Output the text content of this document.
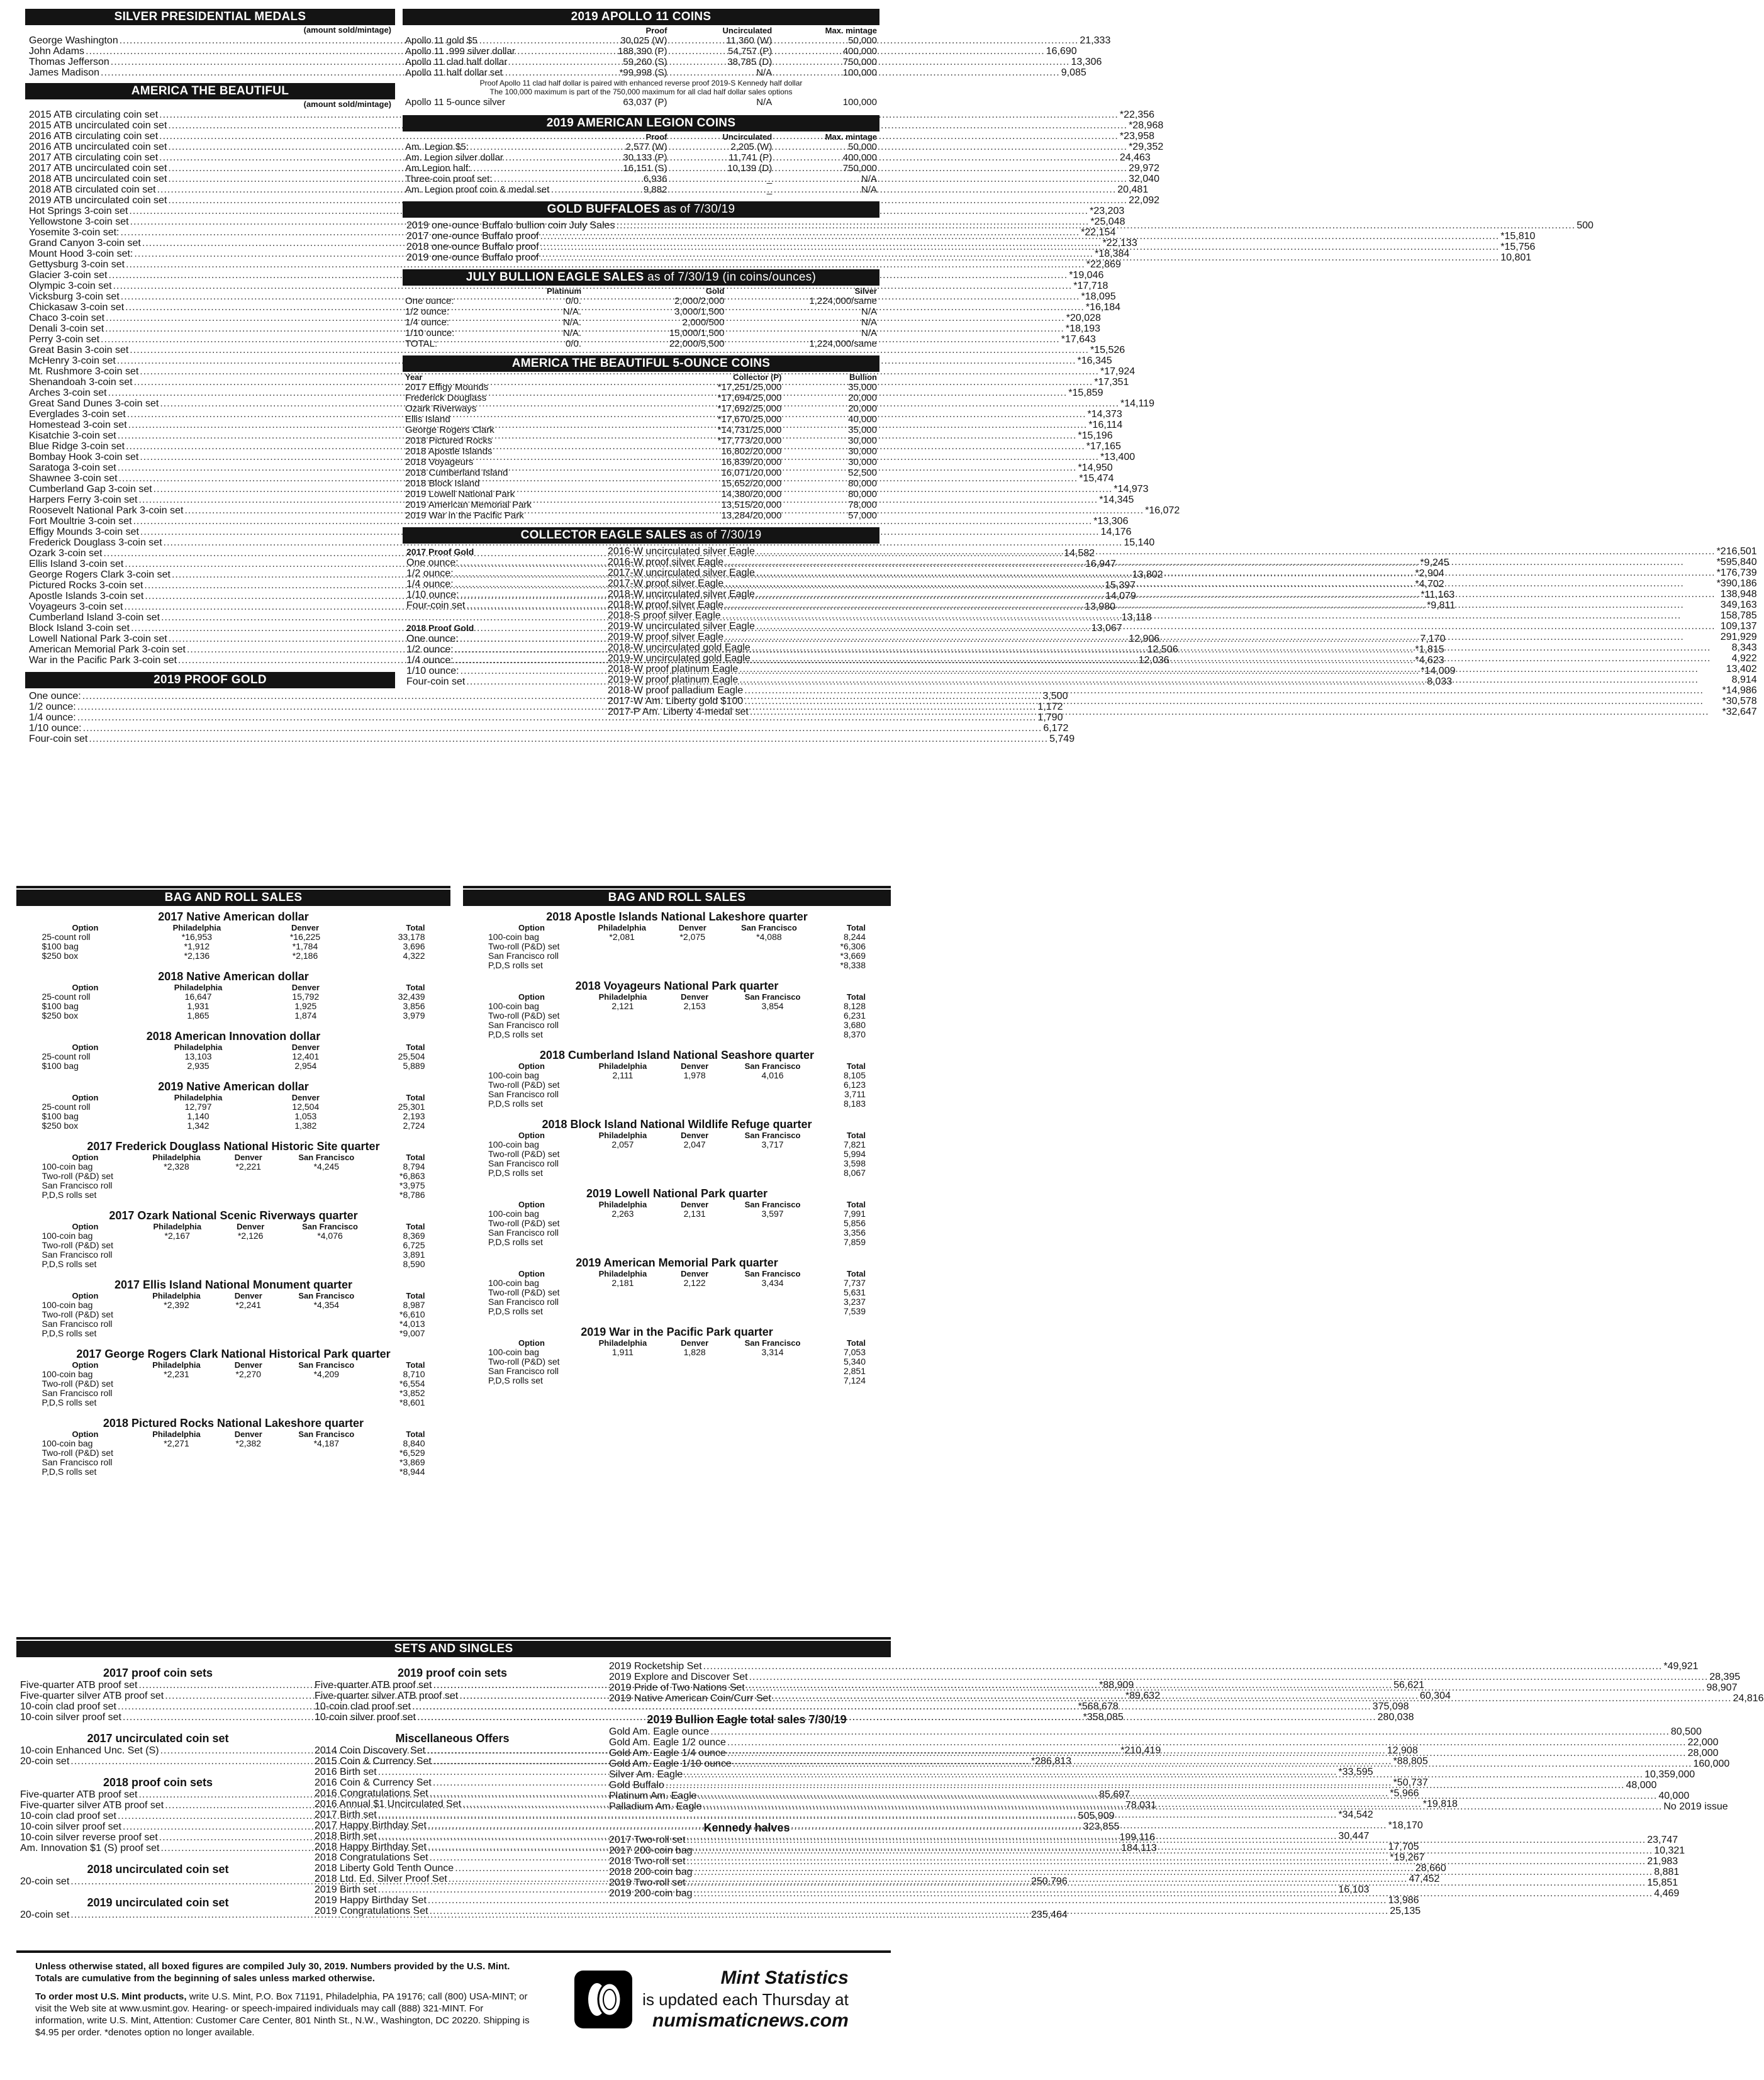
SILVER PRESIDENTIAL MEDALS
(amount sold/mintage)
George Washington .....	21,333
John Adams .....	16,690
Thomas Jefferson .....	13,306
James Madison .....	9,085
AMERICA THE BEAUTIFUL
(amount sold/mintage)
2015 ATB circulating coin set .....	*22,356
2015 ATB uncirculated coin set .....	*28,968
2016 ATB circulating coin set .....	*23,958
2016 ATB uncirculated coin set .....	*29,352
2017 ATB circulating coin set .....	24,463
2017 ATB uncirculated coin set .....	29,972
2018 ATB uncirculated coin set .....	32,040
2018 ATB circulated coin set .....	20,481
2019 ATB uncirculated coin set .....	22,092
Hot Springs 3-coin set .....	*23,203
Yellowstone 3-coin set .....	*25,048
Yosemite 3-coin set: .....	*22,154
Grand Canyon 3-coin set .....	*22,133
Mount Hood 3-coin set: .....	*18,384
Gettysburg 3-coin set .....	*22,869
Glacier 3-coin set .....	*19,046
Olympic 3-coin set .....	*17,718
Vicksburg 3-coin set .....	*18,095
Chickasaw 3-coin set .....	*16,184
Chaco 3-coin set .....	*20,028
Denali 3-coin set .....	*18,193
Perry 3-coin set .....	*17,643
Great Basin 3-coin set .....	*15,526
McHenry 3-coin set .....	*16,345
Mt. Rushmore 3-coin set .....	*17,924
Shenandoah 3-coin set .....	*17,351
Arches 3-coin set .....	*15,859
Great Sand Dunes 3-coin set .....	*14,119
Everglades 3-coin set .....	*14,373
Homestead 3-coin set .....	*16,114
Kisatchie 3-coin set .....	*15,196
Blue Ridge 3-coin set .....	*17,165
Bombay Hook 3-coin set .....	*13,400
Saratoga 3-coin set .....	*14,950
Shawnee 3-coin set .....	*15,474
Cumberland Gap 3-coin set .....	*14,973
Harpers Ferry 3-coin set .....	*14,345
Roosevelt National Park 3-coin set .....	*16,072
Fort Moultrie 3-coin set .....	*13,306
Effigy Mounds 3-coin set .....	14,176
Frederick Douglass 3-coin set .....	15,140
Ozark 3-coin set .....	14,582
Ellis Island 3-coin set .....	16,947
George Rogers Clark 3-coin set .....	13,802
Pictured Rocks 3-coin set .....	15,397
Apostle Islands 3-coin set .....	14,079
Voyageurs 3-coin set .....	13,980
Cumberland Island 3-coin set .....	13,118
Block Island 3-coin set .....	13,067
Lowell National Park 3-coin set .....	12,906
American Memorial Park 3-coin set .....	12,506
War in the Pacific Park 3-coin set .....	12,036
2019 PROOF GOLD
One ounce: .....	3,500
1/2 ounce: .....	1,172
1/4 ounce: .....	1,790
1/10 ounce: .....	6,172
Four-coin set .....	5,749
2019 APOLLO 11 COINS
	Proof	Uncirculated	Max. mintage
Apollo 11 gold $5	30,025 (W)	11,360 (W)	50,000
Apollo 11 .999 silver dollar	188,390 (P)	54,757 (P)	400,000
Apollo 11 clad half dollar	59,260 (S)	38,785 (D)	750,000
Apollo 11 half dollar set	*99,998 (S)	N/A	100,000
Proof Apollo 11 clad half dollar is paired with enhanced reverse proof 2019-S Kennedy half dollar
The 100,000 maximum is part of the 750,000 maximum for all clad half dollar sales options
Apollo 11 5-ounce silver	63,037 (P)	N/A	100,000
2019 AMERICAN LEGION COINS
	Proof	Uncirculated	Max. mintage
Am. Legion $5:	2,577 (W)	2,205 (W)	50,000
Am. Legion silver dollar	30,133 (P)	11,741 (P)	400,000
Am.Legion half:	16,151 (S)	10,139 (D)	750,000
Three-coin proof set:	6,936	_	N/A
Am. Legion proof coin & medal set	9,882	_	N/A
GOLD BUFFALOES as of 7/30/19
2019 one-ounce Buffalo bullion coin July Sales .....	500
2017 one-ounce Buffalo proof .....	*15,810
2018 one-ounce Buffalo proof .....	*15,756
2019 one-ounce Buffalo proof .....	10,801
JULY BULLION EAGLE SALES as of 7/30/19 (in coins/ounces)
	Platinum	Gold	Silver
One ounce:	0/0.	2,000/2,000	1,224,000/same
1/2 ounce:	N/A.	3,000/1,500	N/A
1/4 ounce:	N/A.	2,000/500	N/A
1/10 ounce:	N/A.	15,000/1,500	N/A
TOTAL:	0/0.	22,000/5,500	1,224,000/same
AMERICA THE BEAUTIFUL 5-OUNCE COINS
Year	Collector (P)	Bullion
2017 Effigy Mounds	*17,251/25,000	35,000
Frederick Douglass	*17,694/25,000	20,000
Ozark Riverways	*17,692/25,000	20,000
Ellis Island	*17,670/25,000	40,000
George Rogers Clark	*14,731/25,000	35,000
2018 Pictured Rocks	*17,773/20,000	30,000
2018 Apostle Islands	16,802/20,000	30,000
2018 Voyageurs	16,839/20,000	30,000
2018 Cumberland Island	16,071/20,000	52,500
2018 Block Island	15,652/20,000	80,000
2019 Lowell National Park	14,380/20,000	80,000
2019 American Memorial Park	13,515/20,000	78,000
2019 War in the Pacific Park	13,284/20,000	57,000
COLLECTOR EAGLE SALES as of 7/30/19
2017 Proof Gold
One ounce: .....	*9,245
1/2 ounce: .....	*2,904
1/4 ounce: .....	*4,702
1/10 ounce: .....	*11,163
Four-coin set .....	*9,811
2018 Proof Gold
One ounce: .....	7,170
1/2 ounce: .....	*1,815
1/4 ounce: .....	*4,623
1/10 ounce: .....	*14,009
Four-coin set .....	8,033
2016-W uncirculated silver Eagle .....	*216,501
2016-W proof silver Eagle .....	*595,840
2017-W uncirculated silver Eagle .....	*176,739
2017-W proof silver Eagle .....	*390,186
2018-W uncirculated silver Eagle .....	138,948
2018-W proof silver Eagle .....	349,163
2018-S proof silver Eagle .....	158,785
2019-W uncirculated silver Eagle .....	109,137
2019-W proof silver Eagle .....	291,929
2018-W uncirculated gold Eagle .....	8,343
2019-W uncirculated gold Eagle .....	4,922
2018-W proof platinum Eagle .....	13,402
2019-W proof platinum Eagle .....	8,914
2018-W proof palladium Eagle .....	*14,986
2017-W Am. Liberty gold $100 .....	*30,578
2017-P Am. Liberty 4-medal set .....	*32,647
BAG AND ROLL SALES
2017 Native American dollar
Option	Philadelphia	Denver	Total
25-count roll	*16,953	*16,225	33,178
$100 bag	*1,912	*1,784	3,696
$250 box	*2,136	*2,186	4,322
2018 Native American dollar
Option	Philadelphia	Denver	Total
25-count roll	16,647	15,792	32,439
$100 bag	1,931	1,925	3,856
$250 box	1,865	1,874	3,979
2018 American Innovation dollar
Option	Philadelphia	Denver	Total
25-count roll	13,103	12,401	25,504
$100 bag	2,935	2,954	5,889
2019 Native American dollar
Option	Philadelphia	Denver	Total
25-count roll	12,797	12,504	25,301
$100 bag	1,140	1,053	2,193
$250 box	1,342	1,382	2,724
2017 Frederick Douglass National Historic Site quarter
Option	Philadelphia	Denver	San Francisco	Total
100-coin bag	*2,328	*2,221	*4,245	8,794
Two-roll (P&D) set				*6,863
San Francisco roll				*3,975
P,D,S rolls set				*8,786
2017 Ozark National Scenic Riverways quarter
Option	Philadelphia	Denver	San Francisco	Total
100-coin bag	*2,167	*2,126	*4,076	8,369
Two-roll (P&D) set				6,725
San Francisco roll				3,891
P,D,S rolls set				8,590
2017 Ellis Island National Monument quarter
Option	Philadelphia	Denver	San Francisco	Total
100-coin bag	*2,392	*2,241	*4,354	8,987
Two-roll (P&D) set				*6,610
San Francisco roll				*4,013
P,D,S rolls set				*9,007
2017 George Rogers Clark National Historical Park quarter
Option	Philadelphia	Denver	San Francisco	Total
100-coin bag	*2,231	*2,270	*4,209	8,710
Two-roll (P&D) set				*6,554
San Francisco roll				*3,852
P,D,S rolls set				*8,601
2018 Pictured Rocks National Lakeshore quarter
Option	Philadelphia	Denver	San Francisco	Total
100-coin bag	*2,271	*2,382	*4,187	8,840
Two-roll (P&D) set				*6,529
San Francisco roll				*3,869
P,D,S rolls set				*8,944
BAG AND ROLL SALES
2018 Apostle Islands National Lakeshore quarter
Option	Philadelphia	Denver	San Francisco	Total
100-coin bag	*2,081	*2,075	*4,088	8,244
Two-roll (P&D) set				*6,306
San Francisco roll				*3,669
P,D,S rolls set				*8,338
2018 Voyageurs National Park quarter
Option	Philadelphia	Denver	San Francisco	Total
100-coin bag	2,121	2,153	3,854	8,128
Two-roll (P&D) set				6,231
San Francisco roll				3,680
P,D,S rolls set				8,370
2018 Cumberland Island National Seashore quarter
Option	Philadelphia	Denver	San Francisco	Total
100-coin bag	2,111	1,978	4,016	8,105
Two-roll (P&D) set				6,123
San Francisco roll				3,711
P,D,S rolls set				8,183
2018 Block Island National Wildlife Refuge quarter
Option	Philadelphia	Denver	San Francisco	Total
100-coin bag	2,057	2,047	3,717	7,821
Two-roll (P&D) set				5,994
San Francisco roll				3,598
P,D,S rolls set				8,067
2019 Lowell National Park quarter
Option	Philadelphia	Denver	San Francisco	Total
100-coin bag	2,263	2,131	3,597	7,991
Two-roll (P&D) set				5,856
San Francisco roll				3,356
P,D,S rolls set				7,859
2019 American Memorial Park quarter
Option	Philadelphia	Denver	San Francisco	Total
100-coin bag	2,181	2,122	3,434	7,737
Two-roll (P&D) set				5,631
San Francisco roll				3,237
P,D,S rolls set				7,539
2019 War in the Pacific Park quarter
Option	Philadelphia	Denver	San Francisco	Total
100-coin bag	1,911	1,828	3,314	7,053
Two-roll (P&D) set				5,340
San Francisco roll				2,851
P,D,S rolls set				7,124
SETS AND SINGLES
2017 proof coin sets
Five-quarter ATB proof set .....	*88,909
Five-quarter silver ATB proof set .....	*89,632
10-coin clad proof set .....	*568,678
10-coin silver proof set .....	*358,085
2017 uncirculated coin set
10-coin Enhanced Unc. Set (S) .....	*210,419
20-coin set .....	*286,813
2018 proof coin sets
Five-quarter ATB proof set .....	85,697
Five-quarter silver ATB proof set .....	78,031
10-coin clad proof set .....	505,909
10-coin silver proof set .....	323,855
10-coin silver reverse proof set .....	199,116
Am. Innovation $1 (S) proof set .....	184,113
2018 uncirculated coin set
20-coin set .....	250,796
2019 uncirculated coin set
20-coin set .....	235,464
2019 proof coin sets
Five-quarter ATB proof set .....	56,621
Five-quarter silver ATB proof set .....	60,304
10-coin clad proof set .....	375,098
10-coin silver proof set .....	280,038
Miscellaneous Offers
2014 Coin Discovery Set .....	12,908
2015 Coin & Currency Set .....	*88,805
2016 Birth set .....	*33,595
2016 Coin & Currency Set .....	*50,737
2016 Congratulations Set .....	*5,966
2016 Annual $1 Uncirculated Set .....	*19,818
2017 Birth set .....	*34,542
2017 Happy Birthday Set .....	*18,170
2018 Birth set .....	30,447
2018 Happy Birthday Set .....	17,705
2018 Congratulations Set .....	*19,267
2018 Liberty Gold Tenth Ounce .....	28,660
2018 Ltd. Ed. Silver Proof Set .....	47,452
2019 Birth set .....	16,103
2019 Happy Birthday Set .....	13,986
2019 Congratulations Set .....	25,135
2019 Rocketship Set .....	*49,921
2019 Explore and Discover Set .....	28,395
2019 Pride of Two Nations Set .....	98,907
2019 Native American Coin/Curr Set .....	24,816
2019 Bullion Eagle total sales 7/30/19
Gold Am. Eagle ounce .....	80,500
Gold Am. Eagle 1/2 ounce .....	22,000
Gold Am. Eagle 1/4 ounce .....	28,000
Gold Am. Eagle 1/10 ounce .....	160,000
Silver Am. Eagle .....	10,359,000
Gold Buffalo .....	48,000
Platinum Am. Eagle .....	40,000
Palladium Am. Eagle .....	No 2019 issue
Kennedy halves
2017 Two-roll set .....	23,747
2017 200-coin bag .....	10,321
2018 Two-roll set .....	21,983
2018 200-coin bag .....	8,881
2019 Two-roll set .....	15,851
2019 200-coin bag .....	4,469

Unless otherwise stated, all boxed figures are compiled July 30, 2019. Numbers provided by the U.S. Mint. Totals are cumulative from the beginning of sales unless marked otherwise.

To order most U.S. Mint products, write U.S. Mint, P.O. Box 71191, Philadelphia, PA 19176; call (800) USA-MINT; or visit the Web site at www.usmint.gov. Hearing- or speech-impaired individuals may call (888) 321-MINT. For information, write U.S. Mint, Attention: Customer Care Center, 801 Ninth St., N.W., Washington, DC 20220. Shipping is $4.95 per order. *denotes option no longer available.

Mint Statistics
is updated each Thursday at
numismaticnews.com
